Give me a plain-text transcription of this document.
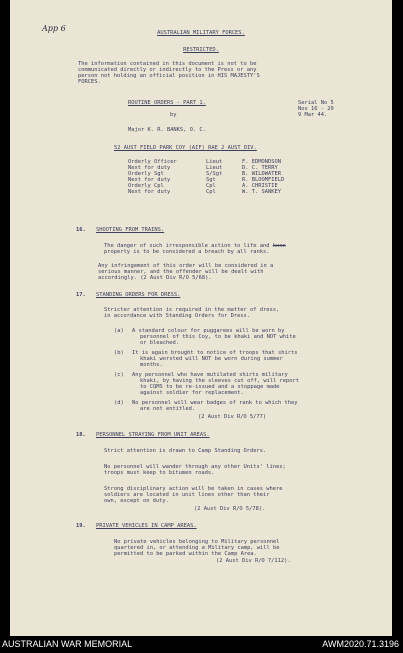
App 6	AUSTRALIAN MILITARY FORCES.
RESTRICTED.
The information contained in this document is not to be
communicated directly or indirectly to the Press or any
person not holding an official position in HIS MAJESTY'S
FORCES.
ROUTINE ORDERS - PART 1.	Serial No 5
Nos 16 - 20
9 Mar 44.
by
Major K. R. BANKS, O. C.
52 AUST FIELD PARK COY (AIF) RAE 2 AUST DIV.
Orderly Officer	Lieut	F. EDMONDSON
Next for duty	Lieut	D. C. TERRY
Orderly Sgt	S/Sgt	B. WILDWATER
Next for duty	Sgt	R. BLOOMFIELD
Orderly Cpl	Cpl	A. CHRISTIE
Next for duty	Cpl	W. T. SANKEY
16. SHOOTING FROM TRAINS.
The danger of such irresponsible action to life and kxxx
property is to be considered a breach by all ranks.
Any infringement of this order will be considered in a
serious manner, and the offender will be dealt with
accordingly. (2 Aust Div R/O 5/68).
17. STANDING ORDERS FOR DRESS.
Stricter attention is required in the matter of dress,
in accordance with Standing Orders for Dress.
(a) A standard colour for puggarees will be worn by
personnel of this Coy, to be khaki and NOT white
or bleached.
(b) It is again brought to notice of troops that shirts
khaki worsted will NOT be worn during summer
months.
(c) Any personnel who have mutilated shirts military
khaki, by having the sleeves cut off, will report
to CQMS to be re-issued and a stoppage made
against soldier for replacement.
(d) No personnel will wear badges of rank to which they
are not entitled.
(2 Aust Div R/O 5/77)
18. PERSONNEL STRAYING FROM UNIT AREAS.
Strict attention is drawn to Camp Standing Orders.
No personnel will wander through any other Units' lines;
troops must keep to bitumen roads.
Strong disciplinary action will be taken in cases where
soldiers are located in unit lines other than their
own, except on duty.
(2 Aust Div R/O 5/78).
19. PRIVATE VEHICLES IN CAMP AREAS.
No private vehicles belonging to Military personnel
quartered in, or attending a Military camp, will be
permitted to be parked within the Camp Area.
(2 Aust Div R/O 7/112).
AUSTRALIAN WAR MEMORIAL	AWM2020.71.3196
